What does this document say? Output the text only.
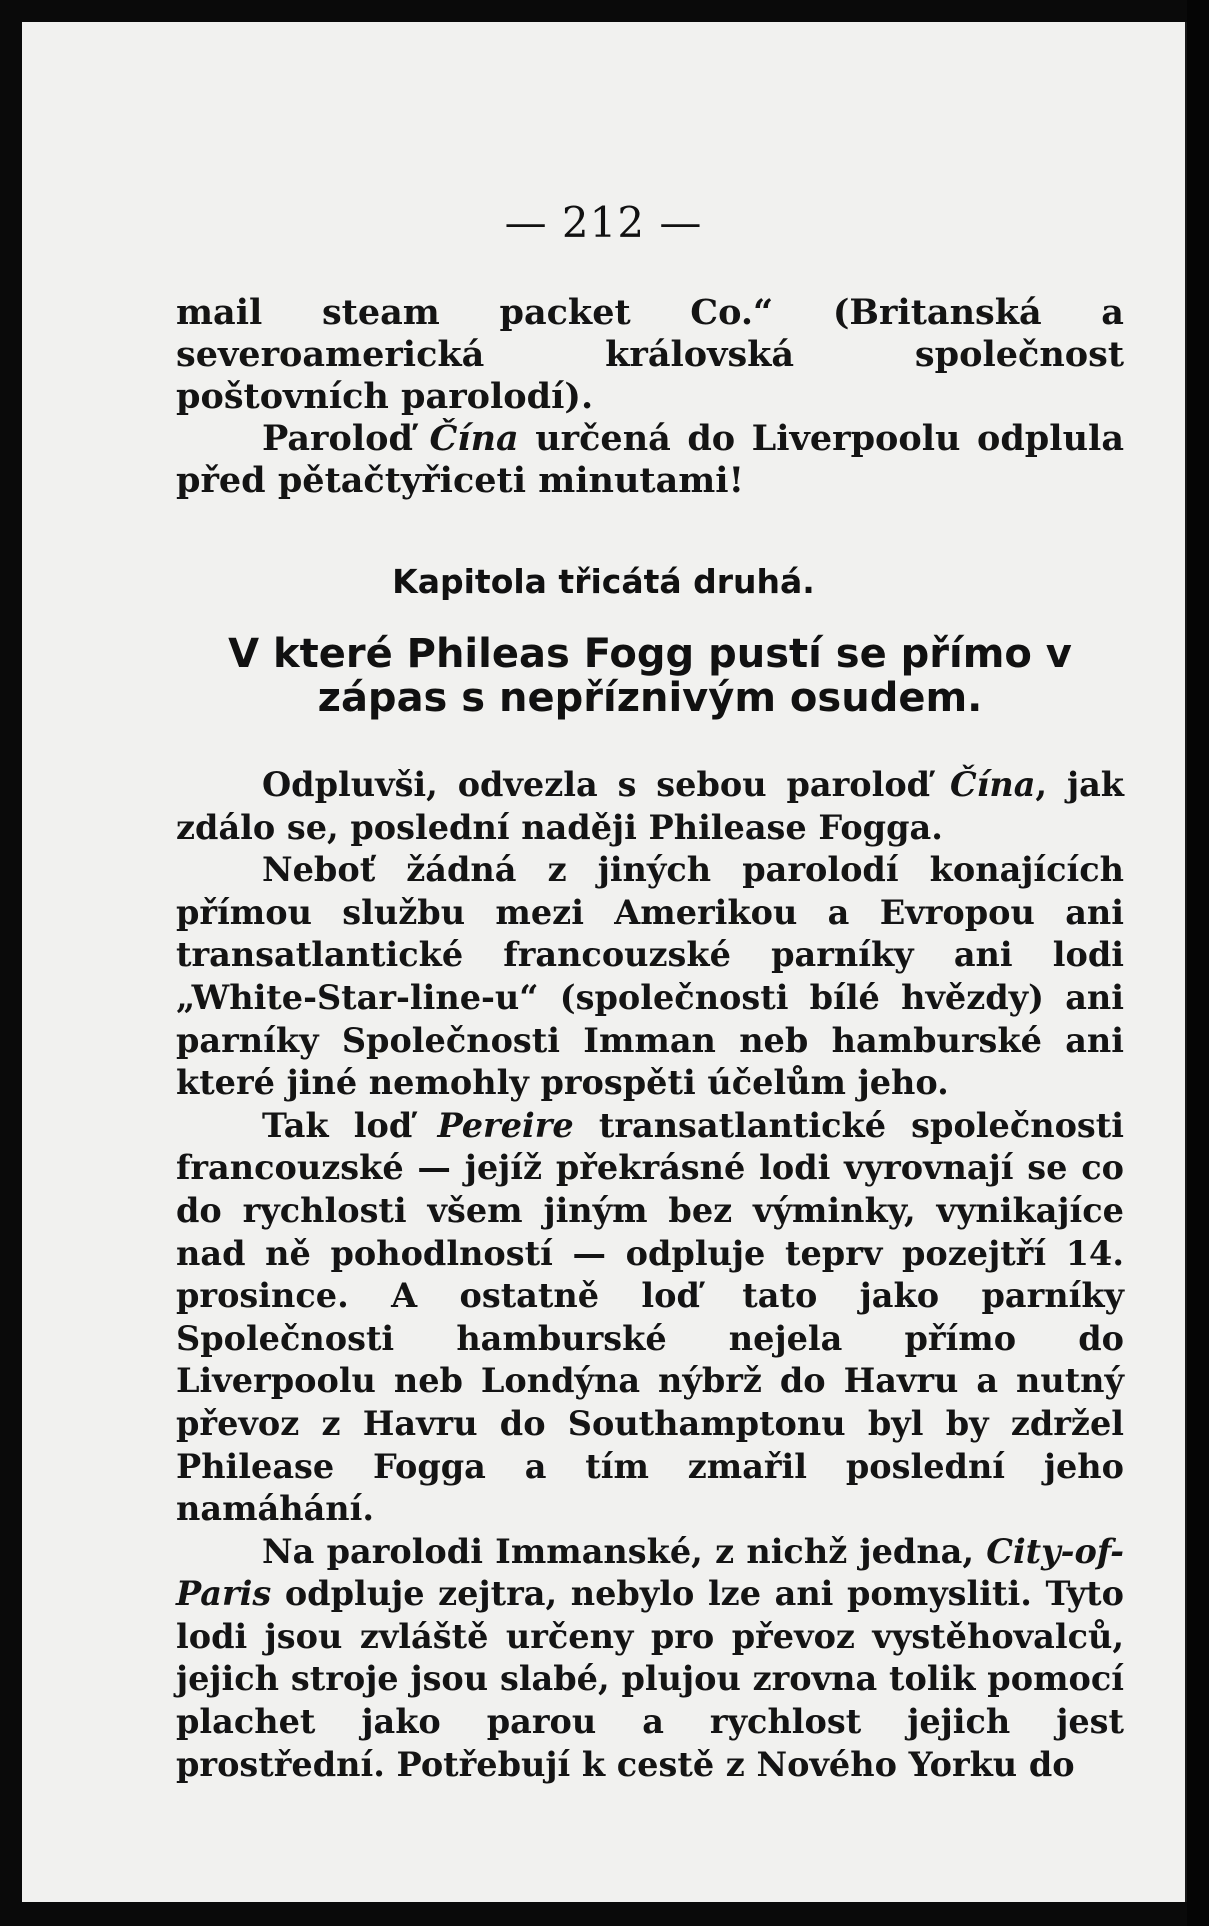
— 212 —

mail steam packet Co.“ (Britanská a severoamerická královská společnost poštovních parolodí).

Paroloď Čína určená do Liverpoolu odplula před pětačtyřiceti minutami!

Kapitola třicátá druhá.
V které Phileas Fogg pustí se přímo v zápas s nepříznivým osudem.

Odpluvši, odvezla s sebou paroloď Čína, jak zdálo se, poslední naději Philease Fogga.

Neboť žádná z jiných parolodí konajících přímou službu mezi Amerikou a Evropou ani transatlantické francouzské parníky ani lodi „White-Star-line-u“ (společnosti bílé hvězdy) ani parníky Společnosti Imman neb hamburské ani které jiné nemohly prospěti účelům jeho.

Tak loď Pereire transatlantické společnosti francouzské — jejíž překrásné lodi vyrovnají se co do rychlosti všem jiným bez výminky, vynikajíce nad ně pohodlností — odpluje teprv pozejtří 14. prosince. A ostatně loď tato jako parníky Společnosti hamburské nejela přímo do Liverpoolu neb Londýna nýbrž do Havru a nutný převoz z Havru do Southamptonu byl by zdržel Philease Fogga a tím zmařil poslední jeho namáhání.

Na parolodi Immanské, z nichž jedna, City-of-Paris odpluje zejtra, nebylo lze ani pomysliti. Tyto lodi jsou zvláště určeny pro převoz vystěhovalců, jejich stroje jsou slabé, plujou zrovna tolik pomocí plachet jako parou a rychlost jejich jest prostřední. Potřebují k cestě z Nového Yorku do
